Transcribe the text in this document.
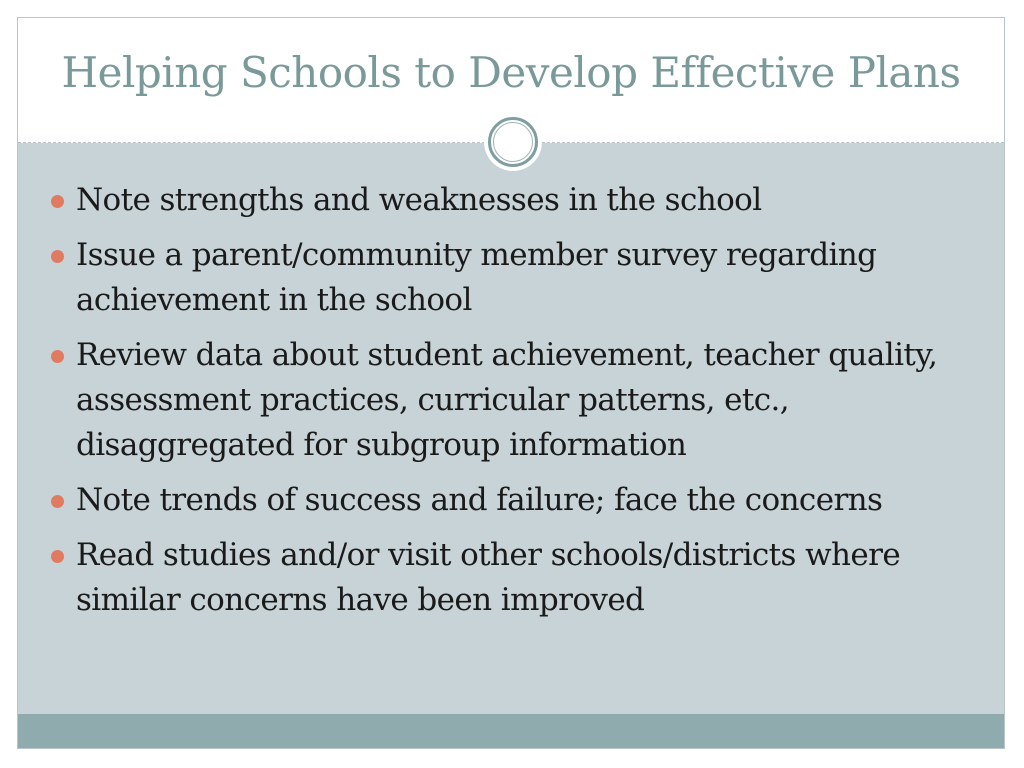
Helping Schools to Develop Effective Plans
Note strengths and weaknesses in the school
Issue a parent/community member survey regarding achievement in the school
Review data about student achievement, teacher quality, assessment practices, curricular patterns, etc., disaggregated for subgroup information
Note trends of success and failure; face the concerns
Read studies and/or visit other schools/districts where similar concerns have been improved
